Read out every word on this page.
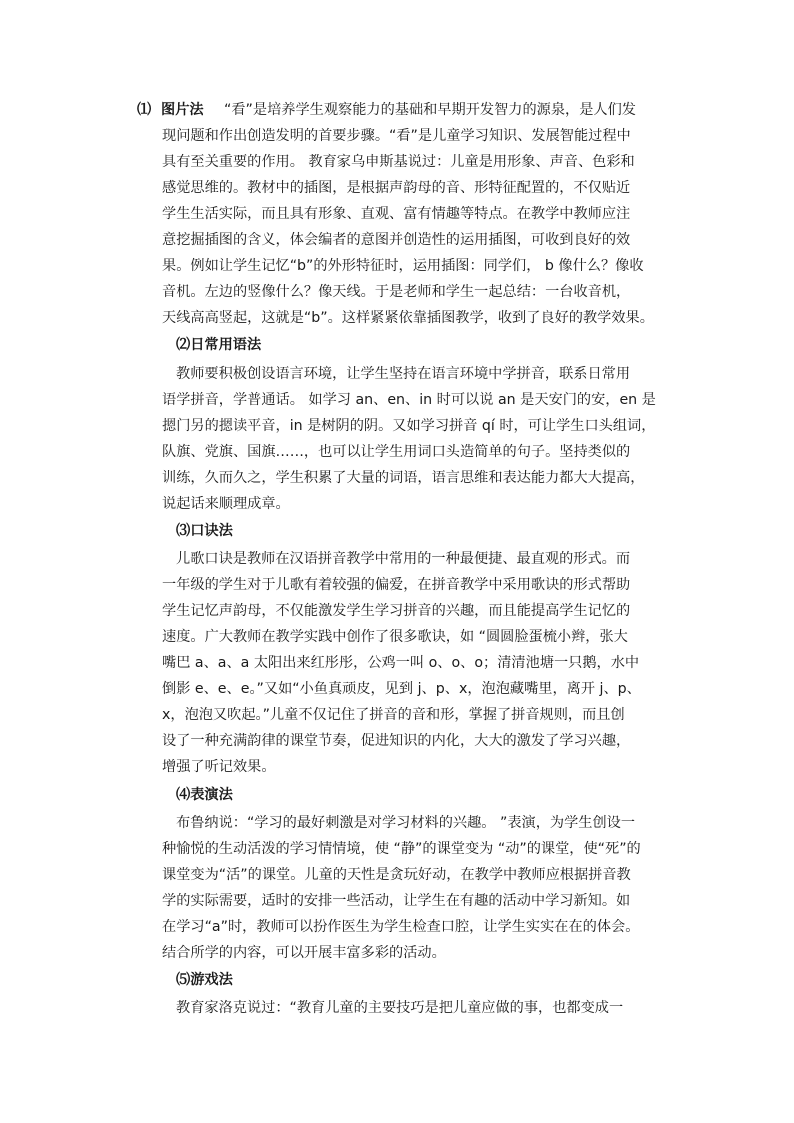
⑴ 图片法 “看”是培养学生观察能力的基础和早期开发智力的源泉，是人们发
现问题和作出创造发明的首要步骤。“看”是儿童学习知识、发展智能过程中
具有至关重要的作用。 教育家乌申斯基说过：儿童是用形象、声音、色彩和
感觉思维的。教材中的插图，是根据声韵母的音、形特征配置的，不仅贴近
学生生活实际，而且具有形象、直观、富有情趣等特点。在教学中教师应注
意挖掘插图的含义，体会编者的意图并创造性的运用插图，可收到良好的效
果。例如让学生记忆“b”的外形特征时，运用插图：同学们， b 像什么？像收
音机。左边的竖像什么？像天线。于是老师和学生一起总结：一台收音机，
天线高高竖起，这就是“b”。这样紧紧依靠插图教学，收到了良好的教学效果。
⑵日常用语法
教师要积极创设语言环境，让学生坚持在语言环境中学拼音，联系日常用
语学拼音，学普通话。 如学习 an、en、in 时可以说 an 是天安门的安，en 是
摁门另的摁读平音，in 是树阴的阴。又如学习拼音 qí 时，可让学生口头组词，
队旗、党旗、国旗……，也可以让学生用词口头造简单的句子。坚持类似的
训练，久而久之，学生积累了大量的词语，语言思维和表达能力都大大提高，
说起话来顺理成章。
⑶口诀法
儿歌口诀是教师在汉语拼音教学中常用的一种最便捷、最直观的形式。而
一年级的学生对于儿歌有着较强的偏爱，在拼音教学中采用歌诀的形式帮助
学生记忆声韵母，不仅能激发学生学习拼音的兴趣，而且能提高学生记忆的
速度。广大教师在教学实践中创作了很多歌诀，如 “圆圆脸蛋梳小辫，张大
嘴巴 a、a、a 太阳出来红彤彤，公鸡一叫 o、o、o；清清池塘一只鹅，水中
倒影 e、e、e。”又如“小鱼真顽皮，见到 j、p、x，泡泡藏嘴里，离开 j、p、
x，泡泡又吹起。”儿童不仅记住了拼音的音和形，掌握了拼音规则，而且创
设了一种充满韵律的课堂节奏，促进知识的内化，大大的激发了学习兴趣，
增强了听记效果。
⑷表演法
布鲁纳说：“学习的最好刺激是对学习材料的兴趣。 ”表演，为学生创设一
种愉悦的生动活泼的学习情情境，使 “静”的课堂变为 “动”的课堂，使“死”的
课堂变为“活”的课堂。儿童的天性是贪玩好动，在教学中教师应根据拼音教
学的实际需要，适时的安排一些活动，让学生在有趣的活动中学习新知。如
在学习“a”时，教师可以扮作医生为学生检查口腔，让学生实实在在的体会。
结合所学的内容，可以开展丰富多彩的活动。
⑸游戏法
教育家洛克说过：“教育儿童的主要技巧是把儿童应做的事，也都变成一
